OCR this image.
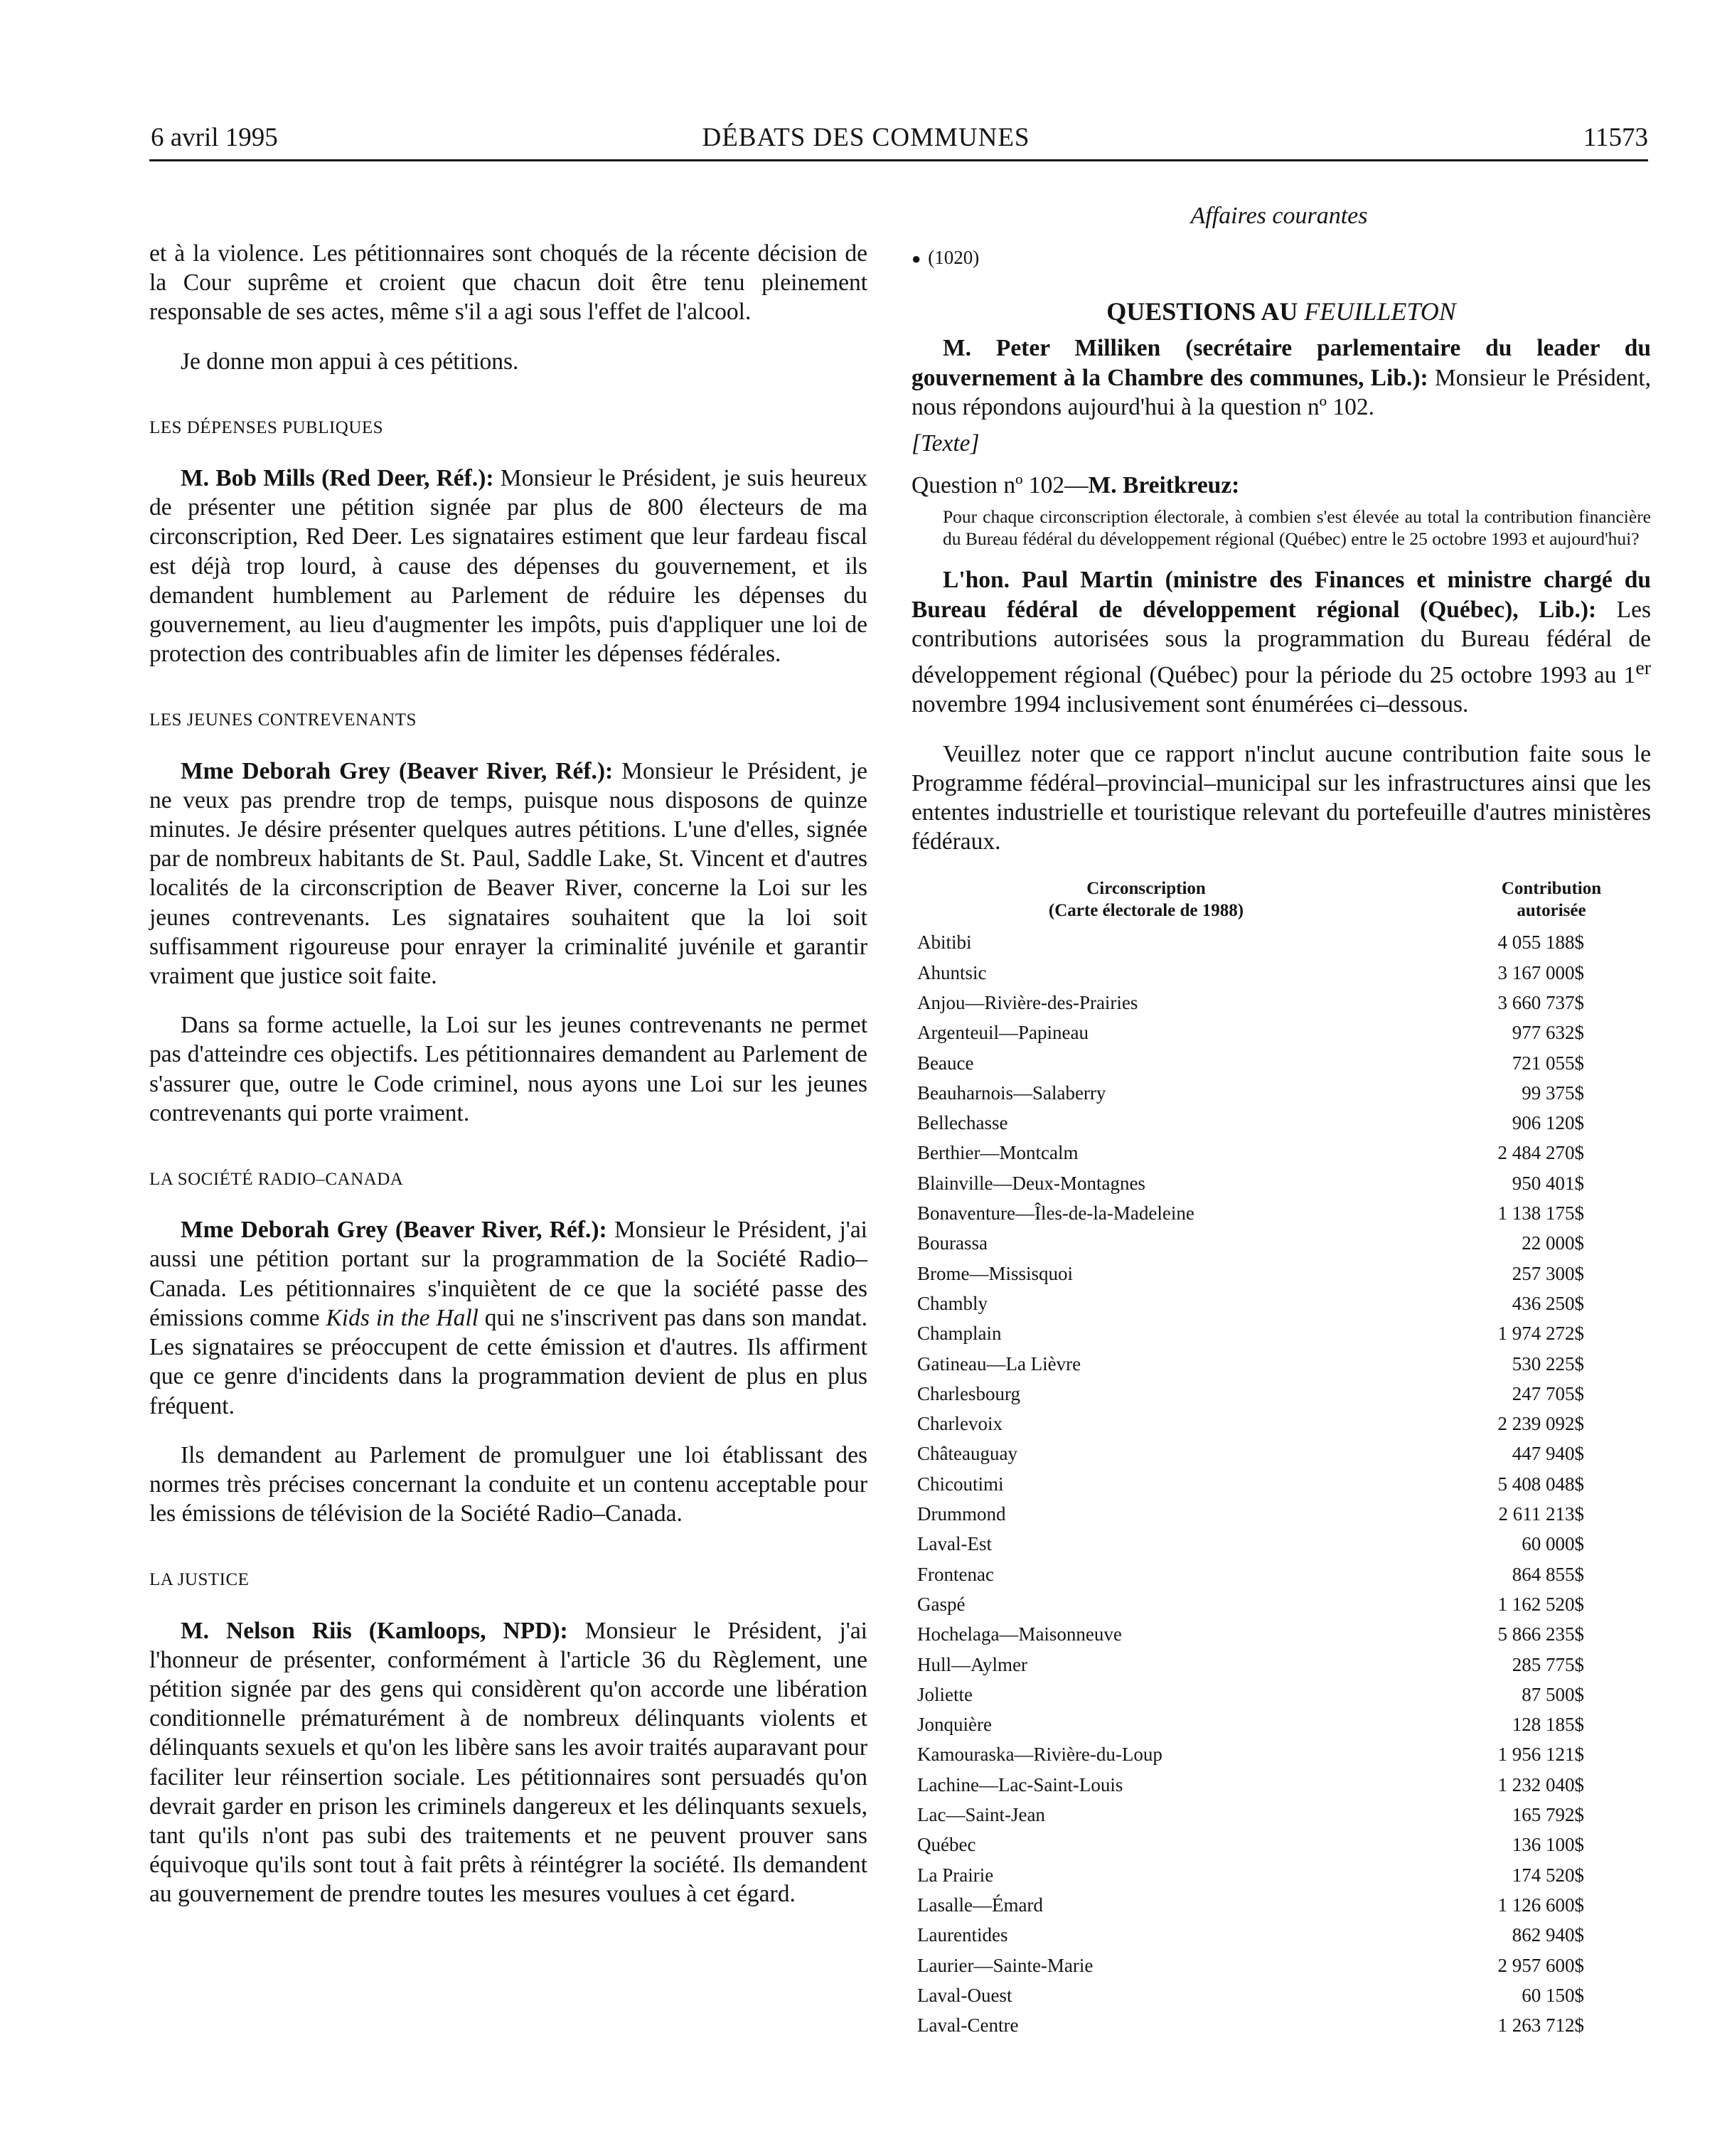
6 avril 1995	DÉBATS DES COMMUNES	11573
Affaires courantes

et à la violence. Les pétitionnaires sont choqués de la récente décision de la Cour suprême et croient que chacun doit être tenu pleinement responsable de ses actes, même s'il a agi sous l'effet de l'alcool.

Je donne mon appui à ces pétitions.

LES DÉPENSES PUBLIQUES

M. Bob Mills (Red Deer, Réf.): Monsieur le Président, je suis heureux de présenter une pétition signée par plus de 800 électeurs de ma circonscription, Red Deer. Les signataires estiment que leur fardeau fiscal est déjà trop lourd, à cause des dépenses du gouvernement, et ils demandent humblement au Parlement de réduire les dépenses du gouvernement, au lieu d'augmenter les impôts, puis d'appliquer une loi de protection des contribuables afin de limiter les dépenses fédérales.

LES JEUNES CONTREVENANTS

Mme Deborah Grey (Beaver River, Réf.): Monsieur le Président, je ne veux pas prendre trop de temps, puisque nous disposons de quinze minutes. Je désire présenter quelques autres pétitions. L'une d'elles, signée par de nombreux habitants de St. Paul, Saddle Lake, St. Vincent et d'autres localités de la circonscription de Beaver River, concerne la Loi sur les jeunes contrevenants. Les signataires souhaitent que la loi soit suffisamment rigoureuse pour enrayer la criminalité juvénile et garantir vraiment que justice soit faite.

Dans sa forme actuelle, la Loi sur les jeunes contrevenants ne permet pas d'atteindre ces objectifs. Les pétitionnaires demandent au Parlement de s'assurer que, outre le Code criminel, nous ayons une Loi sur les jeunes contrevenants qui porte vraiment.

LA SOCIÉTÉ RADIO–CANADA

Mme Deborah Grey (Beaver River, Réf.): Monsieur le Président, j'ai aussi une pétition portant sur la programmation de la Société Radio–Canada. Les pétitionnaires s'inquiètent de ce que la société passe des émissions comme Kids in the Hall qui ne s'inscrivent pas dans son mandat. Les signataires se préoccupent de cette émission et d'autres. Ils affirment que ce genre d'incidents dans la programmation devient de plus en plus fréquent.

Ils demandent au Parlement de promulguer une loi établissant des normes très précises concernant la conduite et un contenu acceptable pour les émissions de télévision de la Société Radio–Canada.

LA JUSTICE

M. Nelson Riis (Kamloops, NPD): Monsieur le Président, j'ai l'honneur de présenter, conformément à l'article 36 du Règlement, une pétition signée par des gens qui considèrent qu'on accorde une libération conditionnelle prématurément à de nombreux délinquants violents et délinquants sexuels et qu'on les libère sans les avoir traités auparavant pour faciliter leur réinsertion sociale. Les pétitionnaires sont persuadés qu'on devrait garder en prison les criminels dangereux et les délinquants sexuels, tant qu'ils n'ont pas subi des traitements et ne peuvent prouver sans équivoque qu'ils sont tout à fait prêts à réintégrer la société. Ils demandent au gouvernement de prendre toutes les mesures voulues à cet égard.

● (1020)

QUESTIONS AU FEUILLETON

M. Peter Milliken (secrétaire parlementaire du leader du gouvernement à la Chambre des communes, Lib.): Monsieur le Président, nous répondons aujourd'hui à la question nº 102.

[Texte]

Question nº 102—M. Breitkreuz:

Pour chaque circonscription électorale, à combien s'est élevée au total la contribution financière du Bureau fédéral du développement régional (Québec) entre le 25 octobre 1993 et aujourd'hui?

L'hon. Paul Martin (ministre des Finances et ministre chargé du Bureau fédéral de développement régional (Québec), Lib.): Les contributions autorisées sous la programmation du Bureau fédéral de développement régional (Québec) pour la période du 25 octobre 1993 au 1er novembre 1994 inclusivement sont énumérées ci–dessous.

Veuillez noter que ce rapport n'inclut aucune contribution faite sous le Programme fédéral–provincial–municipal sur les infrastructures ainsi que les ententes industrielle et touristique relevant du portefeuille d'autres ministères fédéraux.

Circonscription
(Carte électorale de 1988)
Contribution
autorisée
Abitibi	4 055 188$
Ahuntsic	3 167 000$
Anjou—Rivière-des-Prairies	3 660 737$
Argenteuil—Papineau	977 632$
Beauce	721 055$
Beauharnois—Salaberry	99 375$
Bellechasse	906 120$
Berthier—Montcalm	2 484 270$
Blainville—Deux-Montagnes	950 401$
Bonaventure—Îles-de-la-Madeleine	1 138 175$
Bourassa	22 000$
Brome—Missisquoi	257 300$
Chambly	436 250$
Champlain	1 974 272$
Gatineau—La Lièvre	530 225$
Charlesbourg	247 705$
Charlevoix	2 239 092$
Châteauguay	447 940$
Chicoutimi	5 408 048$
Drummond	2 611 213$
Laval-Est	60 000$
Frontenac	864 855$
Gaspé	1 162 520$
Hochelaga—Maisonneuve	5 866 235$
Hull—Aylmer	285 775$
Joliette	87 500$
Jonquière	128 185$
Kamouraska—Rivière-du-Loup	1 956 121$
Lachine—Lac-Saint-Louis	1 232 040$
Lac—Saint-Jean	165 792$
Québec	136 100$
La Prairie	174 520$
Lasalle—Émard	1 126 600$
Laurentides	862 940$
Laurier—Sainte-Marie	2 957 600$
Laval-Ouest	60 150$
Laval-Centre	1 263 712$
